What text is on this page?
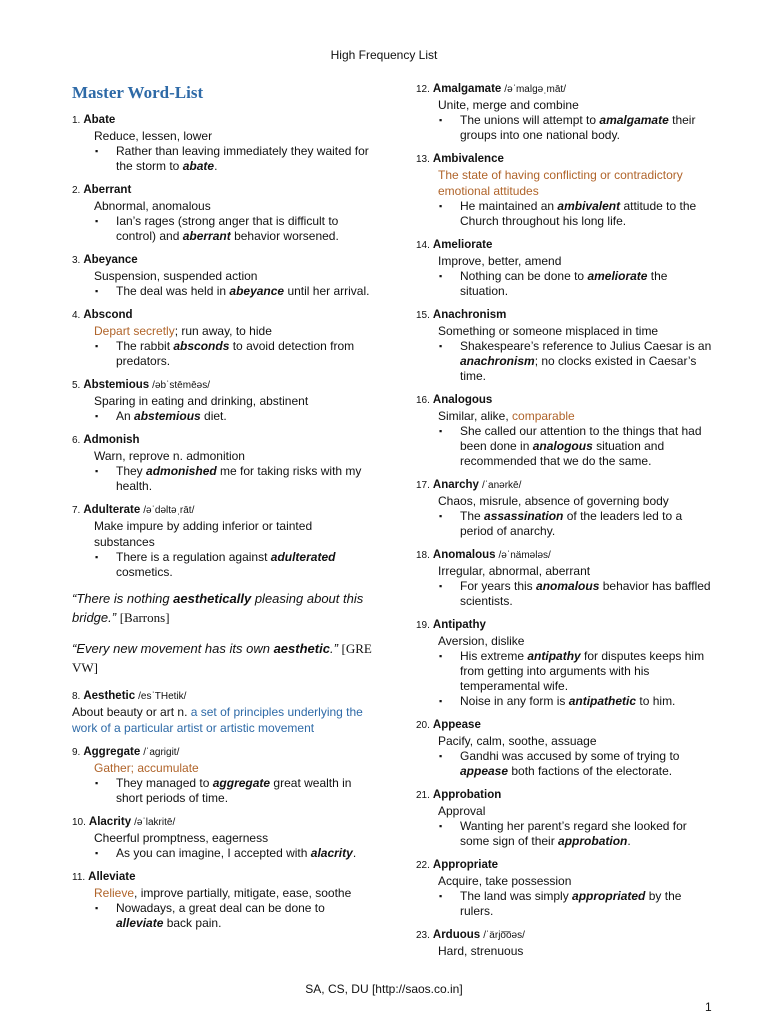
High Frequency List
Master Word-List
1. Abate
Reduce, lessen, lower
▪ Rather than leaving immediately they waited for the storm to abate.
2. Aberrant
Abnormal, anomalous
▪ Ian’s rages (strong anger that is difficult to control) and aberrant behavior worsened.
3. Abeyance
Suspension, suspended action
▪ The deal was held in abeyance until her arrival.
4. Abscond
Depart secretly; run away, to hide
▪ The rabbit absconds to avoid detection from predators.
5. Abstemious /əbˈstēmēəs/
Sparing in eating and drinking, abstinent
▪ An abstemious diet.
6. Admonish
Warn, reprove n. admonition
▪ They admonished me for taking risks with my health.
7. Adulterate /əˈdəltəˌrāt/
Make impure by adding inferior or tainted substances
▪ There is a regulation against adulterated cosmetics.
“There is nothing aesthetically pleasing about this bridge.” [Barrons]
“Every new movement has its own aesthetic.” [GRE VW]
8. Aesthetic /esˈTHetik/
About beauty or art n. a set of principles underlying the work of a particular artist or artistic movement
9. Aggregate /ˈagrigit/
Gather; accumulate
▪ They managed to aggregate great wealth in short periods of time.
10. Alacrity /əˈlakritē/
Cheerful promptness, eagerness
▪ As you can imagine, I accepted with alacrity.
11. Alleviate
Relieve, improve partially, mitigate, ease, soothe
▪ Nowadays, a great deal can be done to alleviate back pain.
12. Amalgamate /əˈmalgəˌmāt/
Unite, merge and combine
▪ The unions will attempt to amalgamate their groups into one national body.
13. Ambivalence
The state of having conflicting or contradictory emotional attitudes
▪ He maintained an ambivalent attitude to the Church throughout his long life.
14. Ameliorate
Improve, better, amend
▪ Nothing can be done to ameliorate the situation.
15. Anachronism
Something or someone misplaced in time
▪ Shakespeare’s reference to Julius Caesar is an anachronism; no clocks existed in Caesar’s time.
16. Analogous
Similar, alike, comparable
▪ She called our attention to the things that had been done in analogous situation and recommended that we do the same.
17. Anarchy /ˈanərkē/
Chaos, misrule, absence of governing body
▪ The assassination of the leaders led to a period of anarchy.
18. Anomalous /əˈnämələs/
Irregular, abnormal, aberrant
▪ For years this anomalous behavior has baffled scientists.
19. Antipathy
Aversion, dislike
▪ His extreme antipathy for disputes keeps him from getting into arguments with his temperamental wife.
▪ Noise in any form is antipathetic to him.
20. Appease
Pacify, calm, soothe, assuage
▪ Gandhi was accused by some of trying to appease both factions of the electorate.
21. Approbation
Approval
▪ Wanting her parent’s regard she looked for some sign of their approbation.
22. Appropriate
Acquire, take possession
▪ The land was simply appropriated by the rulers.
23. Arduous /ˈärjo͞oəs/
Hard, strenuous
SA, CS, DU [http://saos.co.in]
1
